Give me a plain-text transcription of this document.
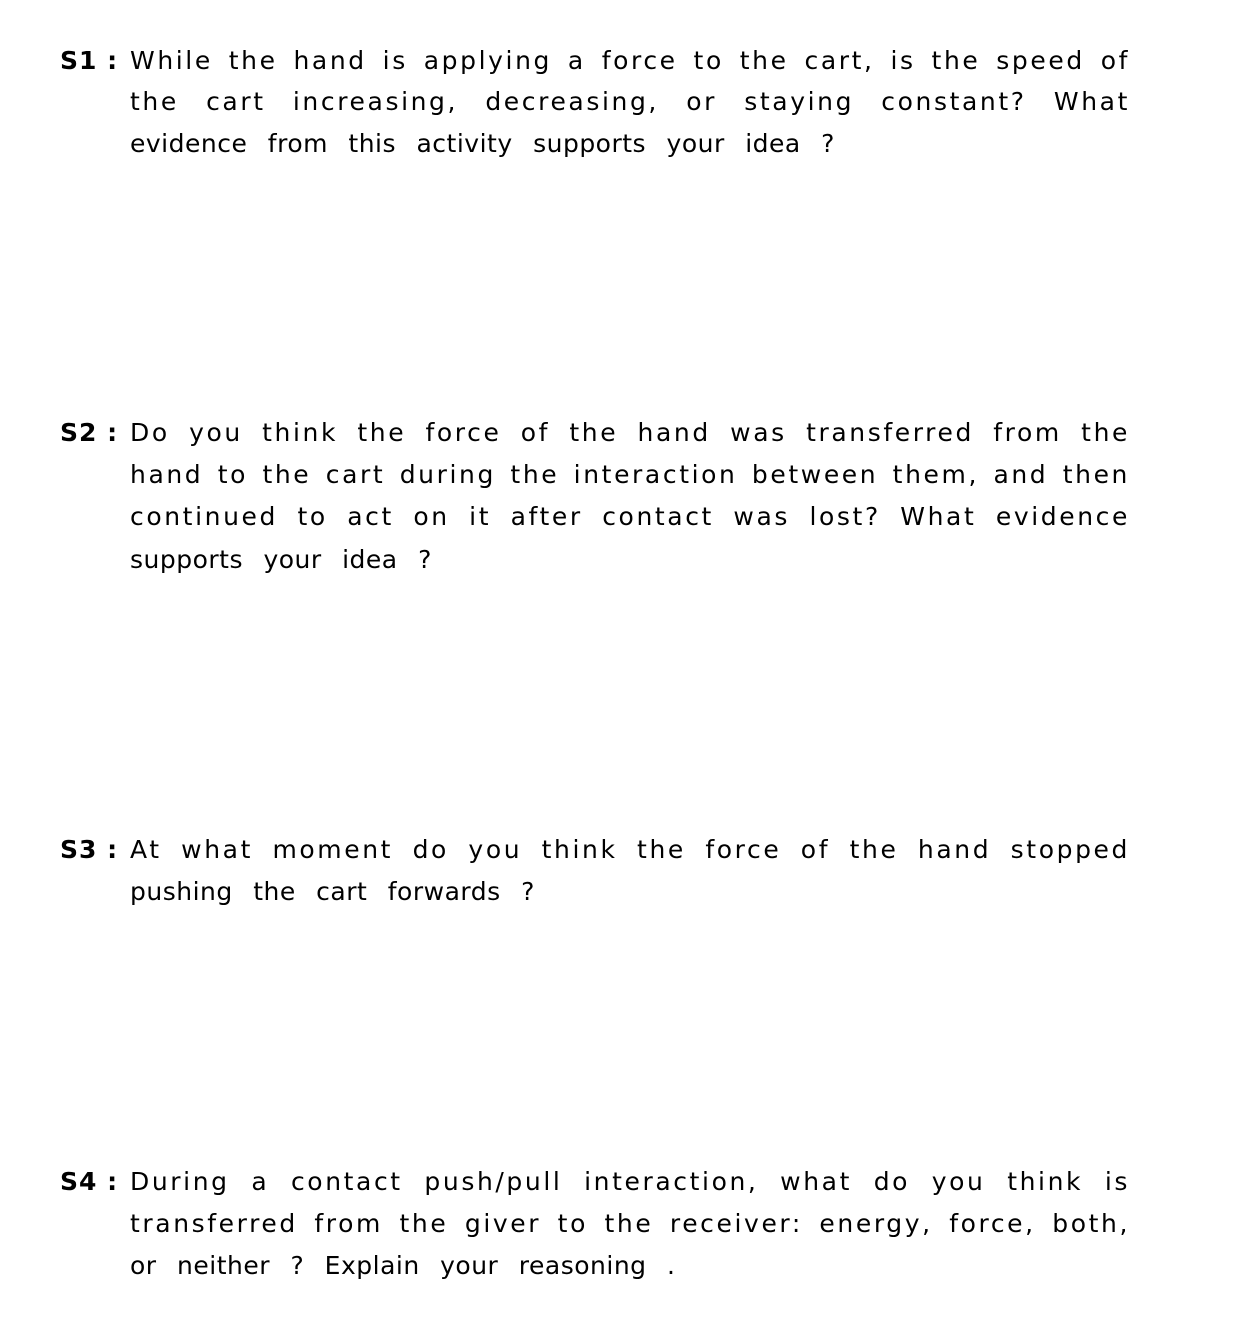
S1 : While the hand is applying a force to the cart, is the speed of
the cart increasing, decreasing, or staying constant? What
evidence from this activity supports your idea ?
S2 : Do you think the force of the hand was transferred from the
hand to the cart during the interaction between them, and then
continued to act on it after contact was lost? What evidence
supports your idea ?
S3 : At what moment do you think the force of the hand stopped
pushing the cart forwards ?
S4 : During a contact push/pull interaction, what do you think is
transferred from the giver to the receiver: energy, force, both,
or neither ? Explain your reasoning .
